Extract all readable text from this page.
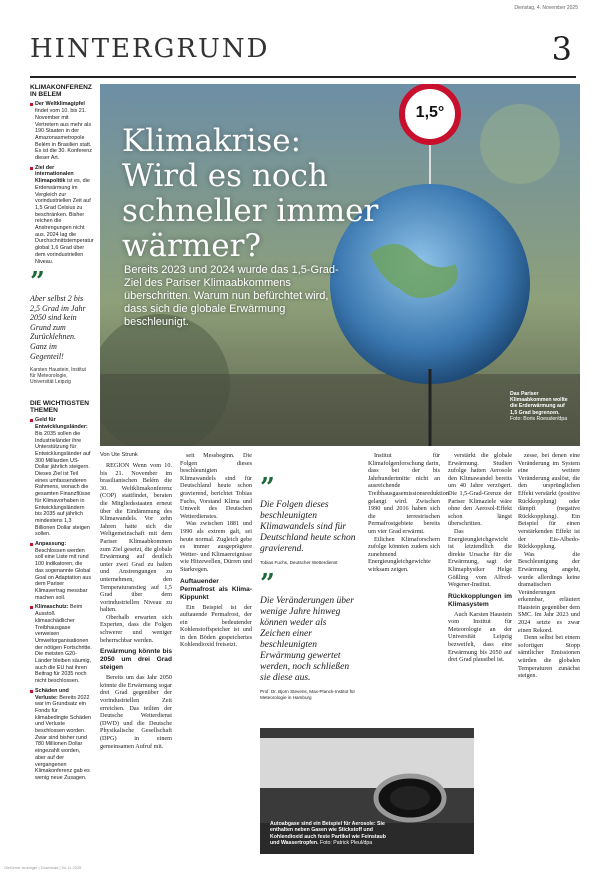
Dienstag, 4. November 2025
HINTERGRUND	3
KLIMAKONFERENZ IN BELEM
Der Weltklimagipfel findet vom 10. bis 21. November mit Vertretern aus mehr als 190 Staaten in der Amazonasmetropole Belém in Brasilien statt. Es ist die 30. Konferenz dieser Art.
Ziel der internationalen Klimapolitik ist es, die Erderwärmung im Vergleich zur vorindustriellen Zeit auf 1,5 Grad Celsius zu beschränken. Bisher reichen die Anstrengungen nicht aus. 2024 lag die Durchschnittstemperatur global 1,6 Grad über dem vorindustriellen Niveau.
”
Aber selbst 2 bis 2,5 Grad im Jahr 2050 sind kein Grund zum Zurücklehnen. Ganz im Gegenteil!
Karsten Haustein, Institut für Meteorologie, Universität Leipzig
DIE WICHTIGSTEN THEMEN
Geld für Entwicklungsländer: Bis 2035 sollen die Industrieländer ihre Unterstützung für Entwicklungsländer auf 300 Milliarden US-Dollar jährlich steigern. Dieses Ziel ist Teil eines umfassenderen Rahmens, wonach die gesamten Finanzflüsse für Klimavorhaben in Entwicklungsländern bis 2035 auf jährlich mindestens 1,3 Billionen Dollar steigen sollen.
Anpassung: Beschlossen werden soll eine Liste mit rund 100 Indikatoren, die das sogenannte Global Goal on Adaptation aus dem Pariser Klimavertrag messbar machen soll.
Klimaschutz: Beim Ausstoß klimaschädlicher Treibhausgase verweisen Umweltorganisationen der nötigen Fortschritte. Die meisten G20-Länder bleiben säumig, auch die EU hat ihren Beitrag für 2035 noch nicht beschlossen.
Schäden und Verluste: Bereits 2022 war im Grundsatz ein Fonds für klimabedingte Schäden und Verluste beschlossen worden. Zwar sind bisher rund 780 Millionen Dollar eingezahlt worden, aber auf der vergangenen Klimakonferenz gab es wenig neue Zusagen.
1,5°
Klimakrise:
Wird es noch
schneller immer
wärmer?
Bereits 2023 und 2024 wurde das 1,5-Grad-Ziel des Pariser Klimaabkommens überschritten. Warum nun befürchtet wird, dass sich die globale Erwärmung beschleunigt.
Das Pariser Klimaabkommen wollte die Erderwärmung auf 1,5 Grad begrenzen. Foto: Boris Roessler/dpa
Von Ute Strunk

REGION Wenn vom 10. bis 21. November im brasilianischen Belém die 30. Weltklimakonferenz (COP) stattfindet, beraten die Mitgliedsstaaten erneut über die Eindämmung des Klimawandels. Vor zehn Jahren hatte sich die Weltgemeinschaft mit dem Pariser Klimaabkommen zum Ziel gesetzt, die globale Erwärmung auf deutlich unter zwei Grad zu halten und Anstrengungen zu unternehmen, den Temperaturanstieg auf 1,5 Grad über dem vorindustriellen Niveau zu halten.

Oberhalb erwarten sich Experten, dass die Folgen schwerer und weniger beherrschbar werden.

Erwärmung könnte bis 2050 um drei Grad steigen

Bereits um das Jahr 2050 könnte die Erwärmung sogar drei Grad gegenüber der vorindustriellen Zeit erreichen. Das teilten der Deutsche Wetterdienst (DWD) und die Deutsche Physikalische Gesellschaft (DPG) in einem gemeinsamen Aufruf mit.

seit Messbeginn. Die Folgen dieses beschleunigten Klimawandels sind für Deutschland heute schon gravierend, berichtet Tobias Fuchs, Vorstand Klima und Umwelt des Deutschen Wetterdienstes.

Was zwischen 1881 und 1990 als extrem galt, sei heute normal. Zugleich gebe es immer ausgeprägtere Wetter- und Klimaereignisse wie Hitzewellen, Dürren und Starkregen.

Auftauender Permafrost als Klima-Kippunkt

Ein Beispiel ist der auftauende Permafrost, der ein bedeutender Kohlenstoffspeicher ist und in den Böden gespeichertes Kohlendioxid freisetzt.

”
Die Folgen dieses beschleunigten Klimawandels sind für Deutschland heute schon gravierend.
Tobias Fuchs, Deutscher Wetterdienst
”
Die Veränderungen über wenige Jahre hinweg können weder als Zeichen einer beschleunigten Erwärmung gewertet werden, noch schließen sie diese aus.
Prof. Dr. Bjorn Stevens, Max-Planck-Institut für Meteorologie in Hamburg

Institut für Klimafolgenforschung darin, dass bei der bis Jahrhundertmitte nicht an ausreichende Treibhausgasemissionsreduktion gelangt wird. Zwischen 1990 und 2016 haben sich die terrestrischen Permafrostgebiete bereits um vier Grad erwärmt.

Etlichen Klimaforschern zufolge könnten zudem sich zunehmend Energieungleichgewichte wirksam zeigen.

verstärkt die globale Erwärmung. Studien zufolge hatten Aerosole den Klimawandel bereits um 40 Jahre verzögert. Die 1,5-Grad-Grenze der Pariser Klimaziele wäre ohne den Aerosol-Effekt schon längst überschritten.

Das Energieungleichgewicht ist letztendlich die direkte Ursache für die Erwärmung, sagt der Klimaphysiker Helge Gößling vom Alfred-Wegener-Institut.

Rückkopplungen im Klimasystem

Auch Karsten Haustein vom Institut für Meteorologie an der Universität Leipzig bezweifelt, dass eine Erwärmung bis 2050 auf drei Grad plausibel ist.

zesse, bei denen eine Veränderung im System eine weitere Veränderung auslöst, die den ursprünglichen Effekt verstärkt (positive Rückkopplung) oder dämpft (negative Rückkopplung). Ein Beispiel für einen verstärkenden Effekt ist der Eis-Albedo-Rückkopplung.

Was die Beschleunigung der Erwärmung angeht, wurde allerdings keine dramatischen Veränderungen erkennbar, erläutert Haustein gegenüber dem SMC. Im Jahr 2023 und 2024 setzte es zwar einen Rekord.

Denn selbst bei einem sofortigen Stopp sämtlicher Emissionen würden die globalen Temperaturen zunächst steigen.

Autoabgase sind ein Beispiel für Aerosole: Sie enthalten neben Gasen wie Stickstoff und Kohlendioxid auch feste Partikel wie Feinstaub und Wassertropfen. Foto: Patrick Pleul/dpa
Gießener Anzeiger | Download | 04.11.2025
